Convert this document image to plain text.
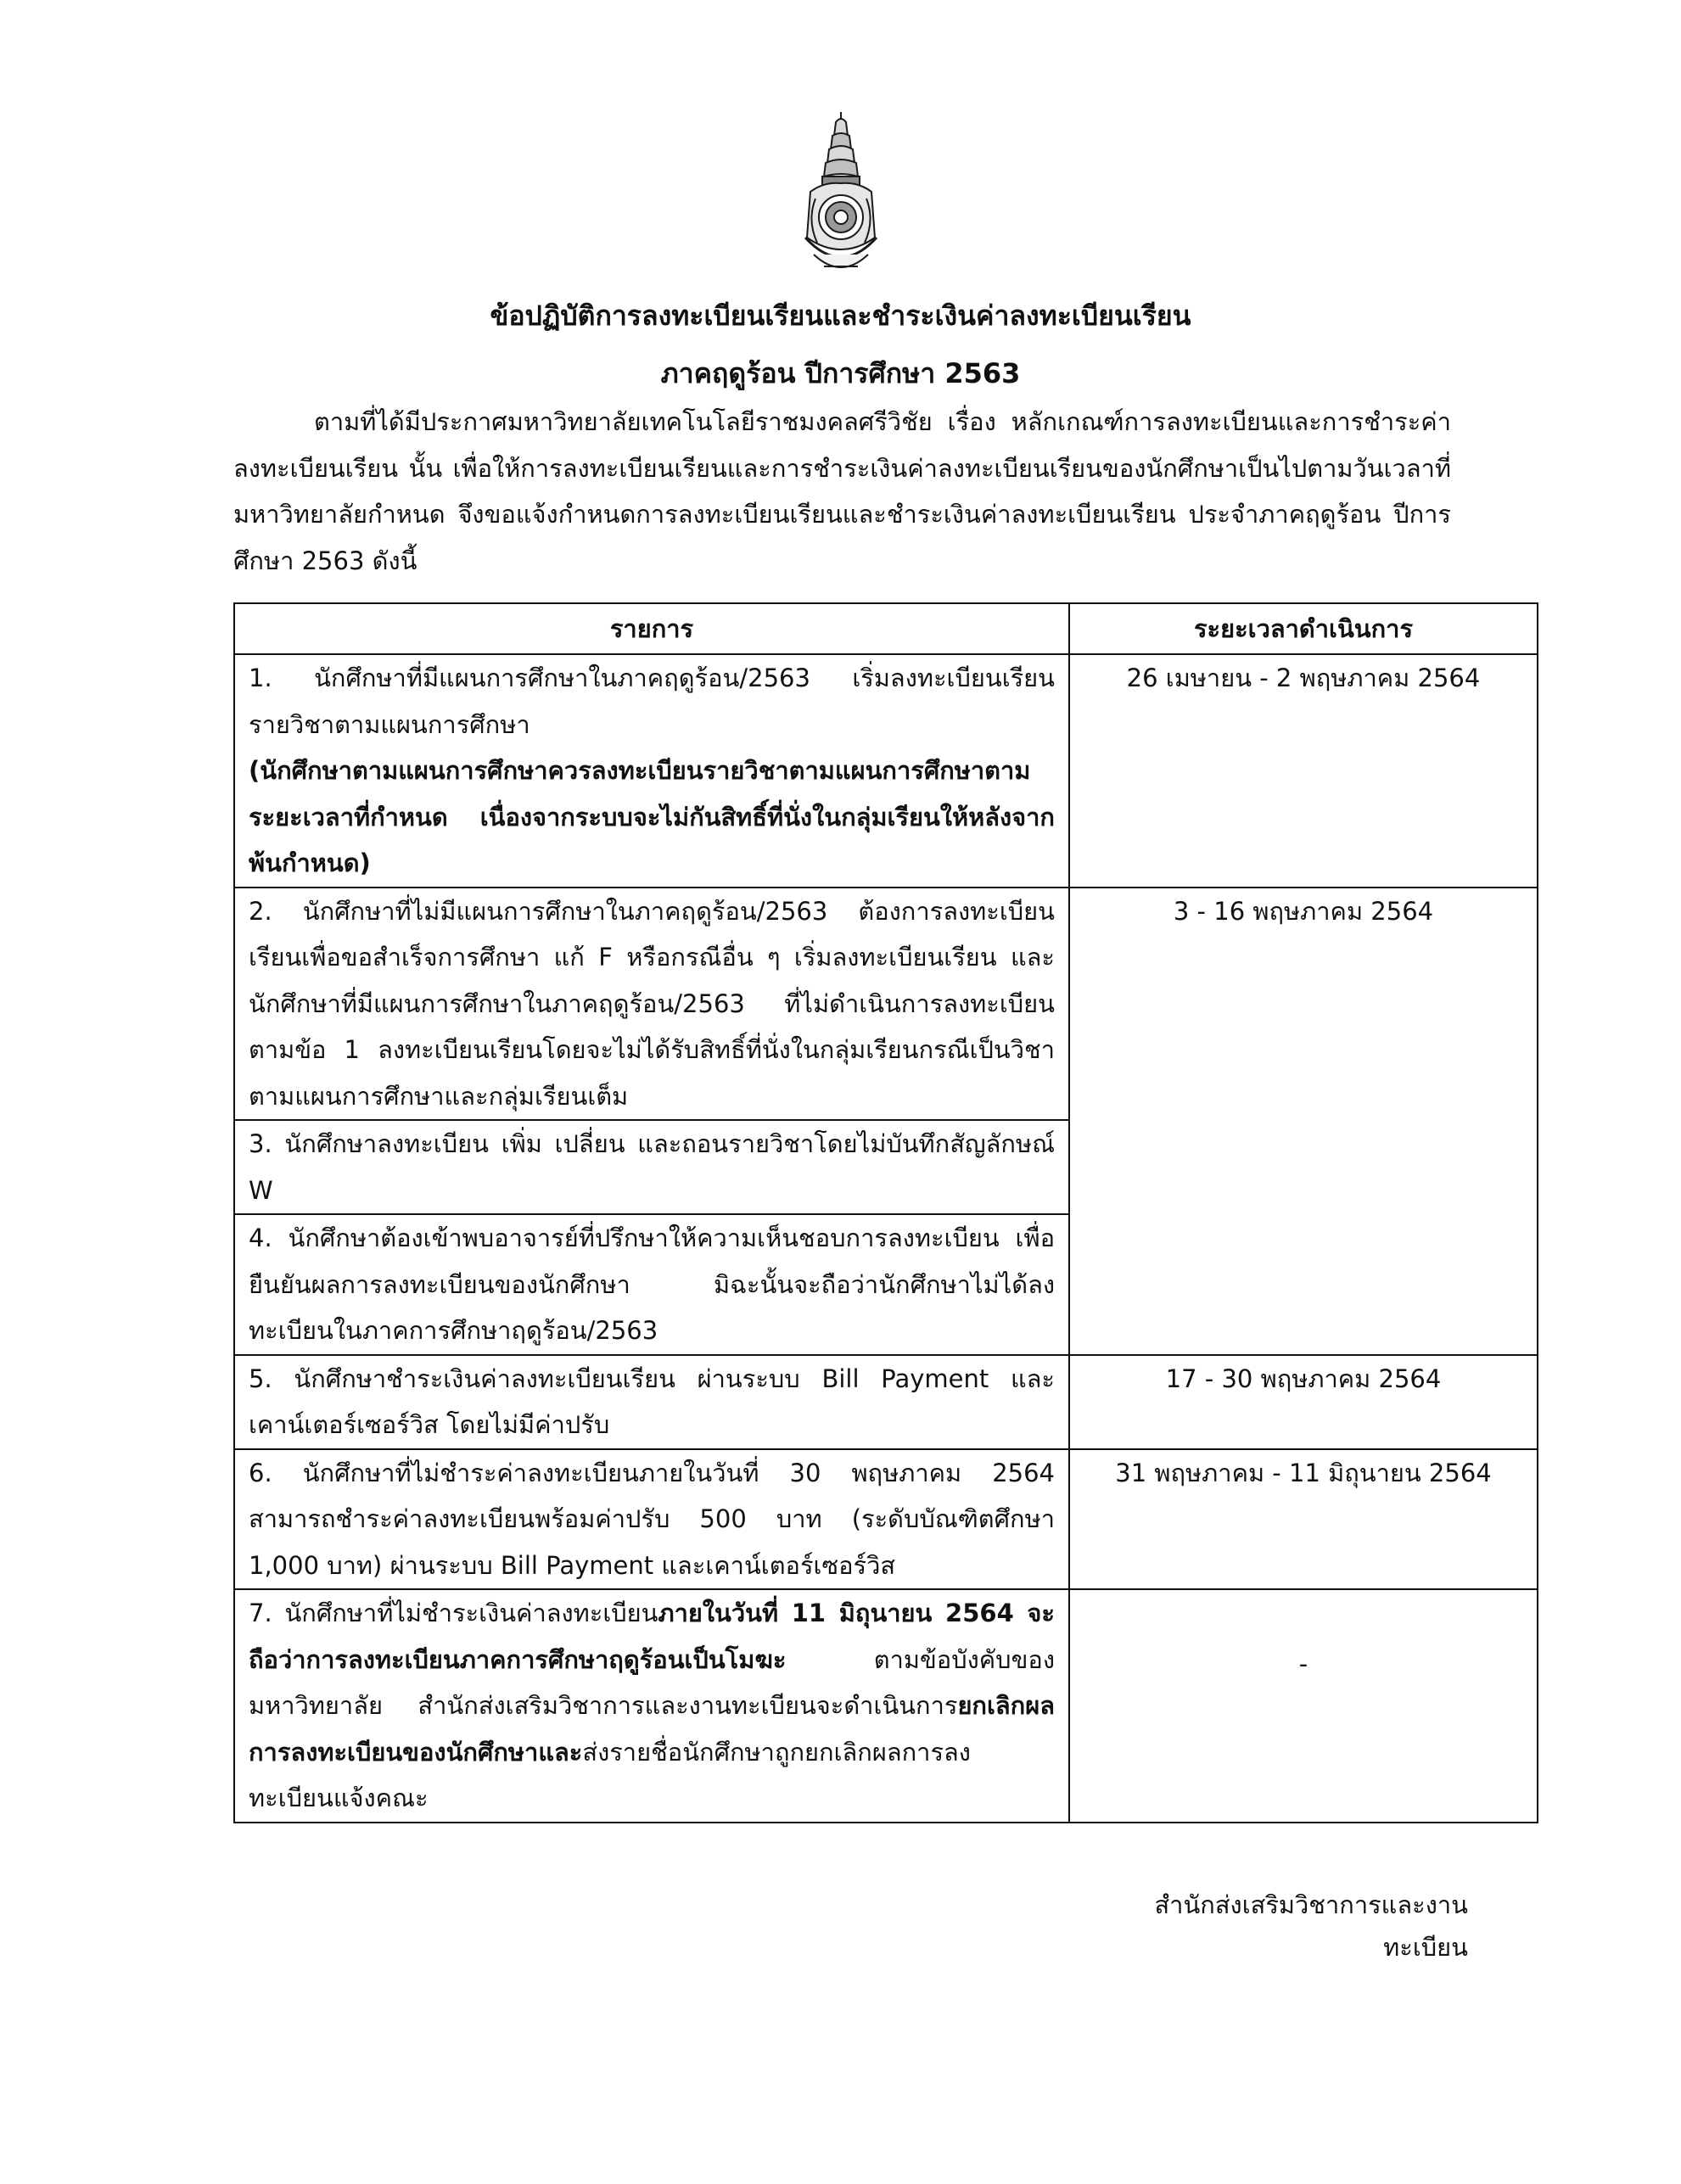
ข้อปฏิบัติการลงทะเบียนเรียนและชำระเงินค่าลงทะเบียนเรียน
ภาคฤดูร้อน ปีการศึกษา 2563
ตามที่ได้มีประกาศมหาวิทยาลัยเทคโนโลยีราชมงคลศรีวิชัย เรื่อง หลักเกณฑ์การลงทะเบียนและการชำระค่าลงทะเบียนเรียน นั้น เพื่อให้การลงทะเบียนเรียนและการชำระเงินค่าลงทะเบียนเรียนของนักศึกษาเป็นไปตามวันเวลาที่มหาวิทยาลัยกำหนด จึงขอแจ้งกำหนดการลงทะเบียนเรียนและชำระเงินค่าลงทะเบียนเรียน ประจำภาคฤดูร้อน ปีการศึกษา 2563 ดังนี้
รายการ	ระยะเวลาดำเนินการ
1. นักศึกษาที่มีแผนการศึกษาในภาคฤดูร้อน/2563 เริ่มลงทะเบียนเรียนรายวิชาตามแผนการศึกษา
(นักศึกษาตามแผนการศึกษาควรลงทะเบียนรายวิชาตามแผนการศึกษาตามระยะเวลาที่กำหนด เนื่องจากระบบจะไม่กันสิทธิ์ที่นั่งในกลุ่มเรียนให้หลังจากพ้นกำหนด)	26 เมษายน - 2 พฤษภาคม 2564
2. นักศึกษาที่ไม่มีแผนการศึกษาในภาคฤดูร้อน/2563 ต้องการลงทะเบียนเรียนเพื่อขอสำเร็จการศึกษา แก้ F หรือกรณีอื่น ๆ เริ่มลงทะเบียนเรียน และนักศึกษาที่มีแผนการศึกษาในภาคฤดูร้อน/2563 ที่ไม่ดำเนินการลงทะเบียนตามข้อ 1 ลงทะเบียนเรียนโดยจะไม่ได้รับสิทธิ์ที่นั่งในกลุ่มเรียนกรณีเป็นวิชาตามแผนการศึกษาและกลุ่มเรียนเต็ม	3 - 16 พฤษภาคม 2564
3. นักศึกษาลงทะเบียน เพิ่ม เปลี่ยน และถอนรายวิชาโดยไม่บันทึกสัญลักษณ์ W	
4. นักศึกษาต้องเข้าพบอาจารย์ที่ปรึกษาให้ความเห็นชอบการลงทะเบียน เพื่อยืนยันผลการลงทะเบียนของนักศึกษา มิฉะนั้นจะถือว่านักศึกษาไม่ได้ลงทะเบียนในภาคการศึกษาฤดูร้อน/2563	
5. นักศึกษาชำระเงินค่าลงทะเบียนเรียน ผ่านระบบ Bill Payment และเคาน์เตอร์เซอร์วิส โดยไม่มีค่าปรับ	17 - 30 พฤษภาคม 2564
6. นักศึกษาที่ไม่ชำระค่าลงทะเบียนภายในวันที่ 30 พฤษภาคม 2564 สามารถชำระค่าลงทะเบียนพร้อมค่าปรับ 500 บาท (ระดับบัณฑิตศึกษา 1,000 บาท) ผ่านระบบ Bill Payment และเคาน์เตอร์เซอร์วิส	31 พฤษภาคม - 11 มิถุนายน 2564
7. นักศึกษาที่ไม่ชำระเงินค่าลงทะเบียนภายในวันที่ 11 มิถุนายน 2564 จะถือว่าการลงทะเบียนภาคการศึกษาฤดูร้อนเป็นโมฆะ ตามข้อบังคับของมหาวิทยาลัย สำนักส่งเสริมวิชาการและงานทะเบียนจะดำเนินการยกเลิกผลการลงทะเบียนของนักศึกษาและส่งรายชื่อนักศึกษาถูกยกเลิกผลการลงทะเบียนแจ้งคณะ	-
สำนักส่งเสริมวิชาการและงานทะเบียน
